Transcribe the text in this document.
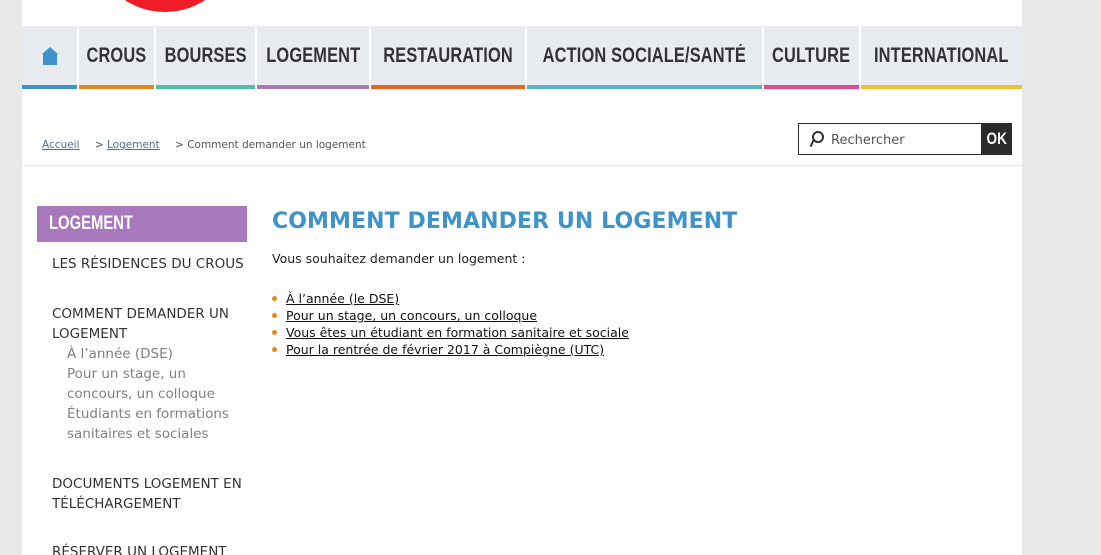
CROUS BOURSES LOGEMENT RESTAURATION ACTION SOCIALE/SANTÉ CULTURE INTERNATIONAL
Accueil > Logement > Comment demander un logement
Rechercher	OK
LOGEMENT
LES RÉSIDENCES DU CROUS
COMMENT DEMANDER UN LOGEMENT
À l’année (DSE)
Pour un stage, un concours, un colloque
Étudiants en formations sanitaires et sociales
DOCUMENTS LOGEMENT EN TÉLÉCHARGEMENT
RÉSERVER UN LOGEMENT
COMMENT DEMANDER UN LOGEMENT
Vous souhaitez demander un logement :
À l’année (le DSE)
Pour un stage, un concours, un colloque
Vous êtes un étudiant en formation sanitaire et sociale
Pour la rentrée de février 2017 à Compiègne (UTC)
